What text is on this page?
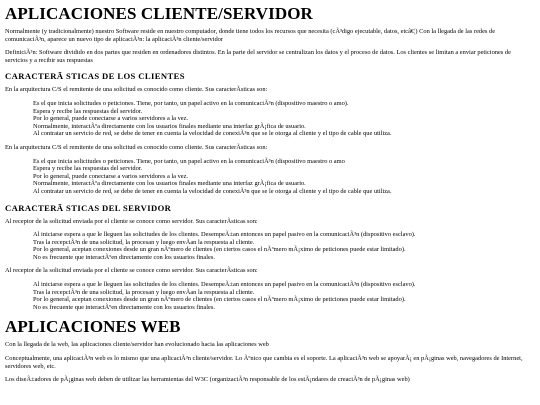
APLICACIONES CLIENTE/SERVIDOR

Normalmente (y tradicionalmente) nuestro Software reside en nuestro computador, donde tiene todos los recursos que necesita (cÃ³digo ejecutable, datos, etcâ€¦) Con la llegada de las redes de comunicaciÃ³n, aparece un nuevo tipo de aplicaciÃ³n: la aplicaciÃ³n cliente/servidor

DefiniciÃ³n: Software dividido en dos partes que residen en ordenadores distintos. En la parte del servidor se centralizan los datos y el proceso de datos. Los clientes se limitan a enviar peticiones de servicios y a recibir sus respuestas

CARACTERÃ STICAS DE LOS CLIENTES

En la arquitectura C/S el remitente de una solicitud es conocido como cliente. Sus caracterÃsticas son:

Es el que inicia solicitudes o peticiones. Tiene, por tanto, un papel activo en la comunicaciÃ³n (dispositivo maestro o amo).
Espera y recibe las respuestas del servidor.
Por lo general, puede conectarse a varios servidores a la vez.
Normalmente, interactÃºa directamente con los usuarios finales mediante una interfaz grÃ¡fica de usuario.
Al contratar un servicio de red, se debe de tener en cuenta la velocidad de conexiÃ³n que se le otorga al cliente y el tipo de cable que utiliza.

En la arquitectura C/S el remitente de una solicitud es conocido como cliente. Sus caracterÃsticas son:

Es el que inicia solicitudes o peticiones. Tiene, por tanto, un papel activo en la comunicaciÃ³n (dispositivo maestro o amo
Espera y recibe las respuestas del servidor.
Por lo general, puede conectarse a varios servidores a la vez.
Normalmente, interactÃºa directamente con los usuarios finales mediante una interfaz grÃ¡fica de usuario.
Al contratar un servicio de red, se debe de tener en cuenta la velocidad de conexiÃ³n que se le otorga al cliente y el tipo de cable que utiliza.
CARACTERÃ STICAS DEL SERVIDOR

Al receptor de la solicitud enviada por el cliente se conoce como servidor. Sus caracterÃsticas son:

Al iniciarse espera a que le lleguen las solicitudes de los clientes. DesempeÃ±an entonces un papel pasivo en la comunicaciÃ³n (dispositivo esclavo).
Tras la recepciÃ³n de una solicitud, la procesan y luego envÃan la respuesta al cliente.
Por lo general, aceptan conexiones desde un gran nÃºmero de clientes (en ciertos casos el nÃºmero mÃ¡ximo de peticiones puede estar limitado).
No es frecuente que interactÃºen directamente con los usuarios finales.

Al receptor de la solicitud enviada por el cliente se conoce como servidor. Sus caracterÃsticas son:

Al iniciarse espera a que le lleguen las solicitudes de los clientes. DesempeÃ±an entonces un papel pasivo en la comunicaciÃ³n (dispositivo esclavo).
Tras la recepciÃ³n de una solicitud, la procesan y luego envÃan la respuesta al cliente.
Por lo general, aceptan conexiones desde un gran nÃºmero de clientes (en ciertos casos el nÃºmero mÃ¡ximo de peticiones puede estar limitado).
No es frecuente que interactÃºen directamente con los usuarios finales.
APLICACIONES WEB

Con la llegada de la web, las aplicaciones cliente/servidor han evolucionado hacia las aplicaciones web

Conceptualmente, una aplicaciÃ³n web es lo mismo que una aplicaciÃ³n cliente/servidor. Lo Ãºnico que cambia es el soporte. La aplicaciÃ³n web se apoyarÃ¡ en pÃ¡ginas web, navegadores de Internet, servidores web, etc.

Los diseÃ±adores de pÃ¡ginas web deben de utilizar las herramientas del W3C (organizaciÃ³n responsable de los estÃ¡ndares de creaciÃ³n de pÃ¡ginas web)
